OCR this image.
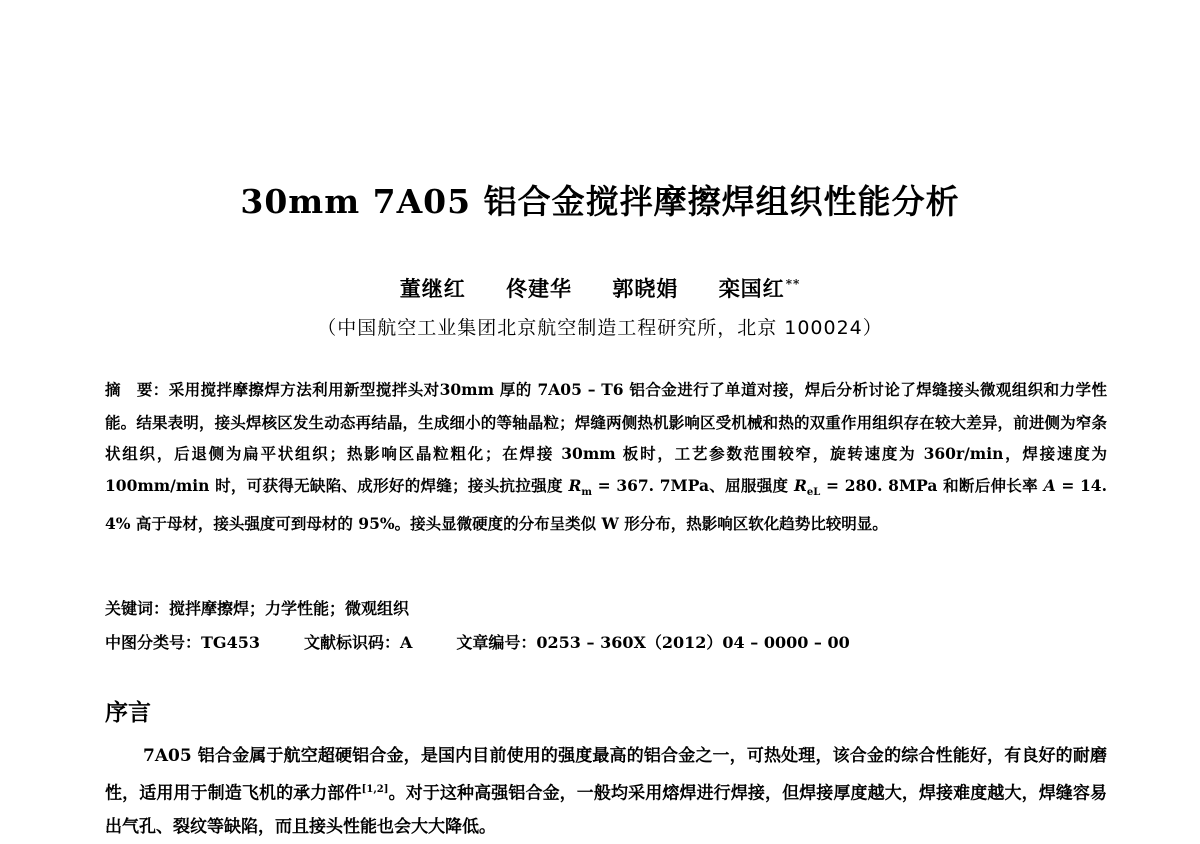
30mm 7A05 铝合金搅拌摩擦焊组织性能分析
董继红 佟建华 郭晓娟 栾国红**
（中国航空工业集团北京航空制造工程研究所，北京 100024）
摘　要：采用搅拌摩擦焊方法利用新型搅拌头对30mm 厚的 7A05 – T6 铝合金进行了单道对接，焊后分析讨论了焊缝接头微观组织和力学性能。结果表明，接头焊核区发生动态再结晶，生成细小的等轴晶粒；焊缝两侧热机影响区受机械和热的双重作用组织存在较大差异，前进侧为窄条状组织，后退侧为扁平状组织；热影响区晶粒粗化；在焊接 30mm 板时，工艺参数范围较窄，旋转速度为 360r/min，焊接速度为 100mm/min 时，可获得无缺陷、成形好的焊缝；接头抗拉强度 $R_m = 367$. 7MPa、屈服强度 $R_{eL} = 280$. 8MPa 和断后伸长率 A = 14. 4% 高于母材，接头强度可到母材的 95%。接头显微硬度的分布呈类似 W 形分布，热影响区软化趋势比较明显。
关键词：搅拌摩擦焊；力学性能；微观组织
中图分类号：TG453	文献标识码：A	文章编号：0253 – 360X（2012）04 – 0000 – 00
序言
7A05 铝合金属于航空超硬铝合金，是国内目前使用的强度最高的铝合金之一，可热处理，该合金的综合性能好，有良好的耐磨性，适用用于制造飞机的承力部件[1,2]。对于这种高强铝合金，一般均采用熔焊进行焊接，但焊接厚度越大，焊接难度越大，焊缝容易出气孔、裂纹等缺陷，而且接头性能也会大大降低。
